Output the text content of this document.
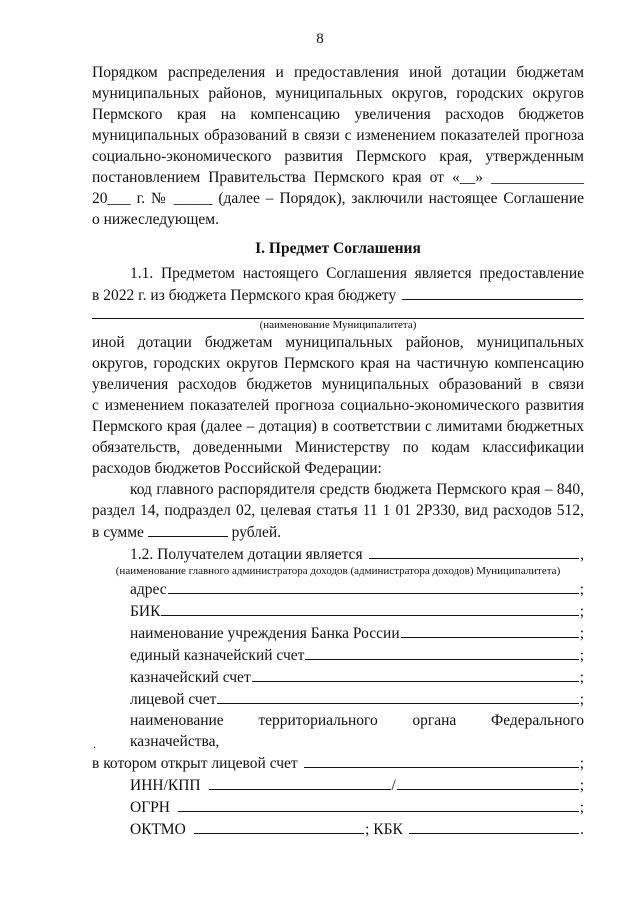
8
Порядком распределения и предоставления иной дотации бюджетам
муниципальных районов, муниципальных округов, городских округов
Пермского края на компенсацию увеличения расходов бюджетов
муниципальных образований в связи с изменением показателей прогноза
социально-экономического развития Пермского края, утвержденным
постановлением Правительства Пермского края от «__» ____________
20___ г. № _____ (далее – Порядок), заключили настоящее Соглашение
о нижеследующем.
I. Предмет Соглашения
1.1. Предметом настоящего Соглашения является предоставление
в 2022 г. из бюджета Пермского края бюджету
(наименование Муниципалитета)
иной дотации бюджетам муниципальных районов, муниципальных
округов, городских округов Пермского края на частичную компенсацию
увеличения расходов бюджетов муниципальных образований в связи
с изменением показателей прогноза социально-экономического развития
Пермского края (далее – дотация) в соответствии с лимитами бюджетных
обязательств, доведенными Министерству по кодам классификации
расходов бюджетов Российской Федерации:
код главного распорядителя средств бюджета Пермского края – 840,
раздел 14, подраздел 02, целевая статья 11 1 01 2Р330, вид расходов 512,
в сумме	рублей.
1.2. Получателем дотации является	,
(наименование главного администратора доходов (администратора доходов) Муниципалитета)
адрес	;
БИК	;
наименование учреждения Банка России	;
единый казначейский счет	;
казначейский счет	;
лицевой счет	;
наименование территориального органа Федерального казначейства,
в котором открыт лицевой счет	;
ИНН/КПП	/	;
ОГРН	;
ОКТМО	; КБК	.
.
